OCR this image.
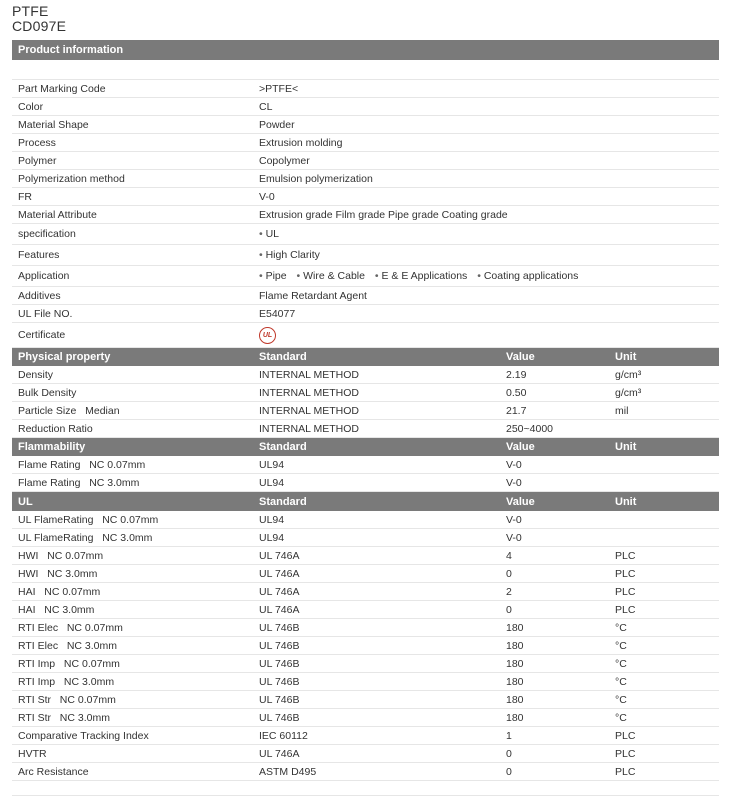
PTFE
CD097E
Product information
Part Marking Code	>PTFE<
Color	CL
Material Shape	Powder
Process	Extrusion molding
Polymer	Copolymer
Polymerization method	Emulsion polymerization
FR	V-0
Material Attribute	Extrusion grade Film grade Pipe grade Coating grade
specification	• UL
Features	• High Clarity
Application	• Pipe • Wire & Cable • E & E Applications • Coating applications
Additives	Flame Retardant Agent
UL File NO.	E54077
Certificate	UL
Physical property	Standard	Value	Unit
Density	INTERNAL METHOD	2.19	g/cm³
Bulk Density	INTERNAL METHOD	0.50	g/cm³
Particle Size   Median	INTERNAL METHOD	21.7	mil
Reduction Ratio	INTERNAL METHOD	250~4000
Flammability	Standard	Value	Unit
Flame Rating   NC 0.07mm	UL94	V-0
Flame Rating   NC 3.0mm	UL94	V-0
UL	Standard	Value	Unit
UL FlameRating   NC 0.07mm	UL94	V-0
UL FlameRating   NC 3.0mm	UL94	V-0
HWI   NC 0.07mm	UL 746A	4	PLC
HWI   NC 3.0mm	UL 746A	0	PLC
HAI   NC 0.07mm	UL 746A	2	PLC
HAI   NC 3.0mm	UL 746A	0	PLC
RTI Elec   NC 0.07mm	UL 746B	180	°C
RTI Elec   NC 3.0mm	UL 746B	180	°C
RTI Imp   NC 0.07mm	UL 746B	180	°C
RTI Imp   NC 3.0mm	UL 746B	180	°C
RTI Str   NC 0.07mm	UL 746B	180	°C
RTI Str   NC 3.0mm	UL 746B	180	°C
Comparative Tracking Index	IEC 60112	1	PLC
HVTR	UL 746A	0	PLC
Arc Resistance	ASTM D495	0	PLC
